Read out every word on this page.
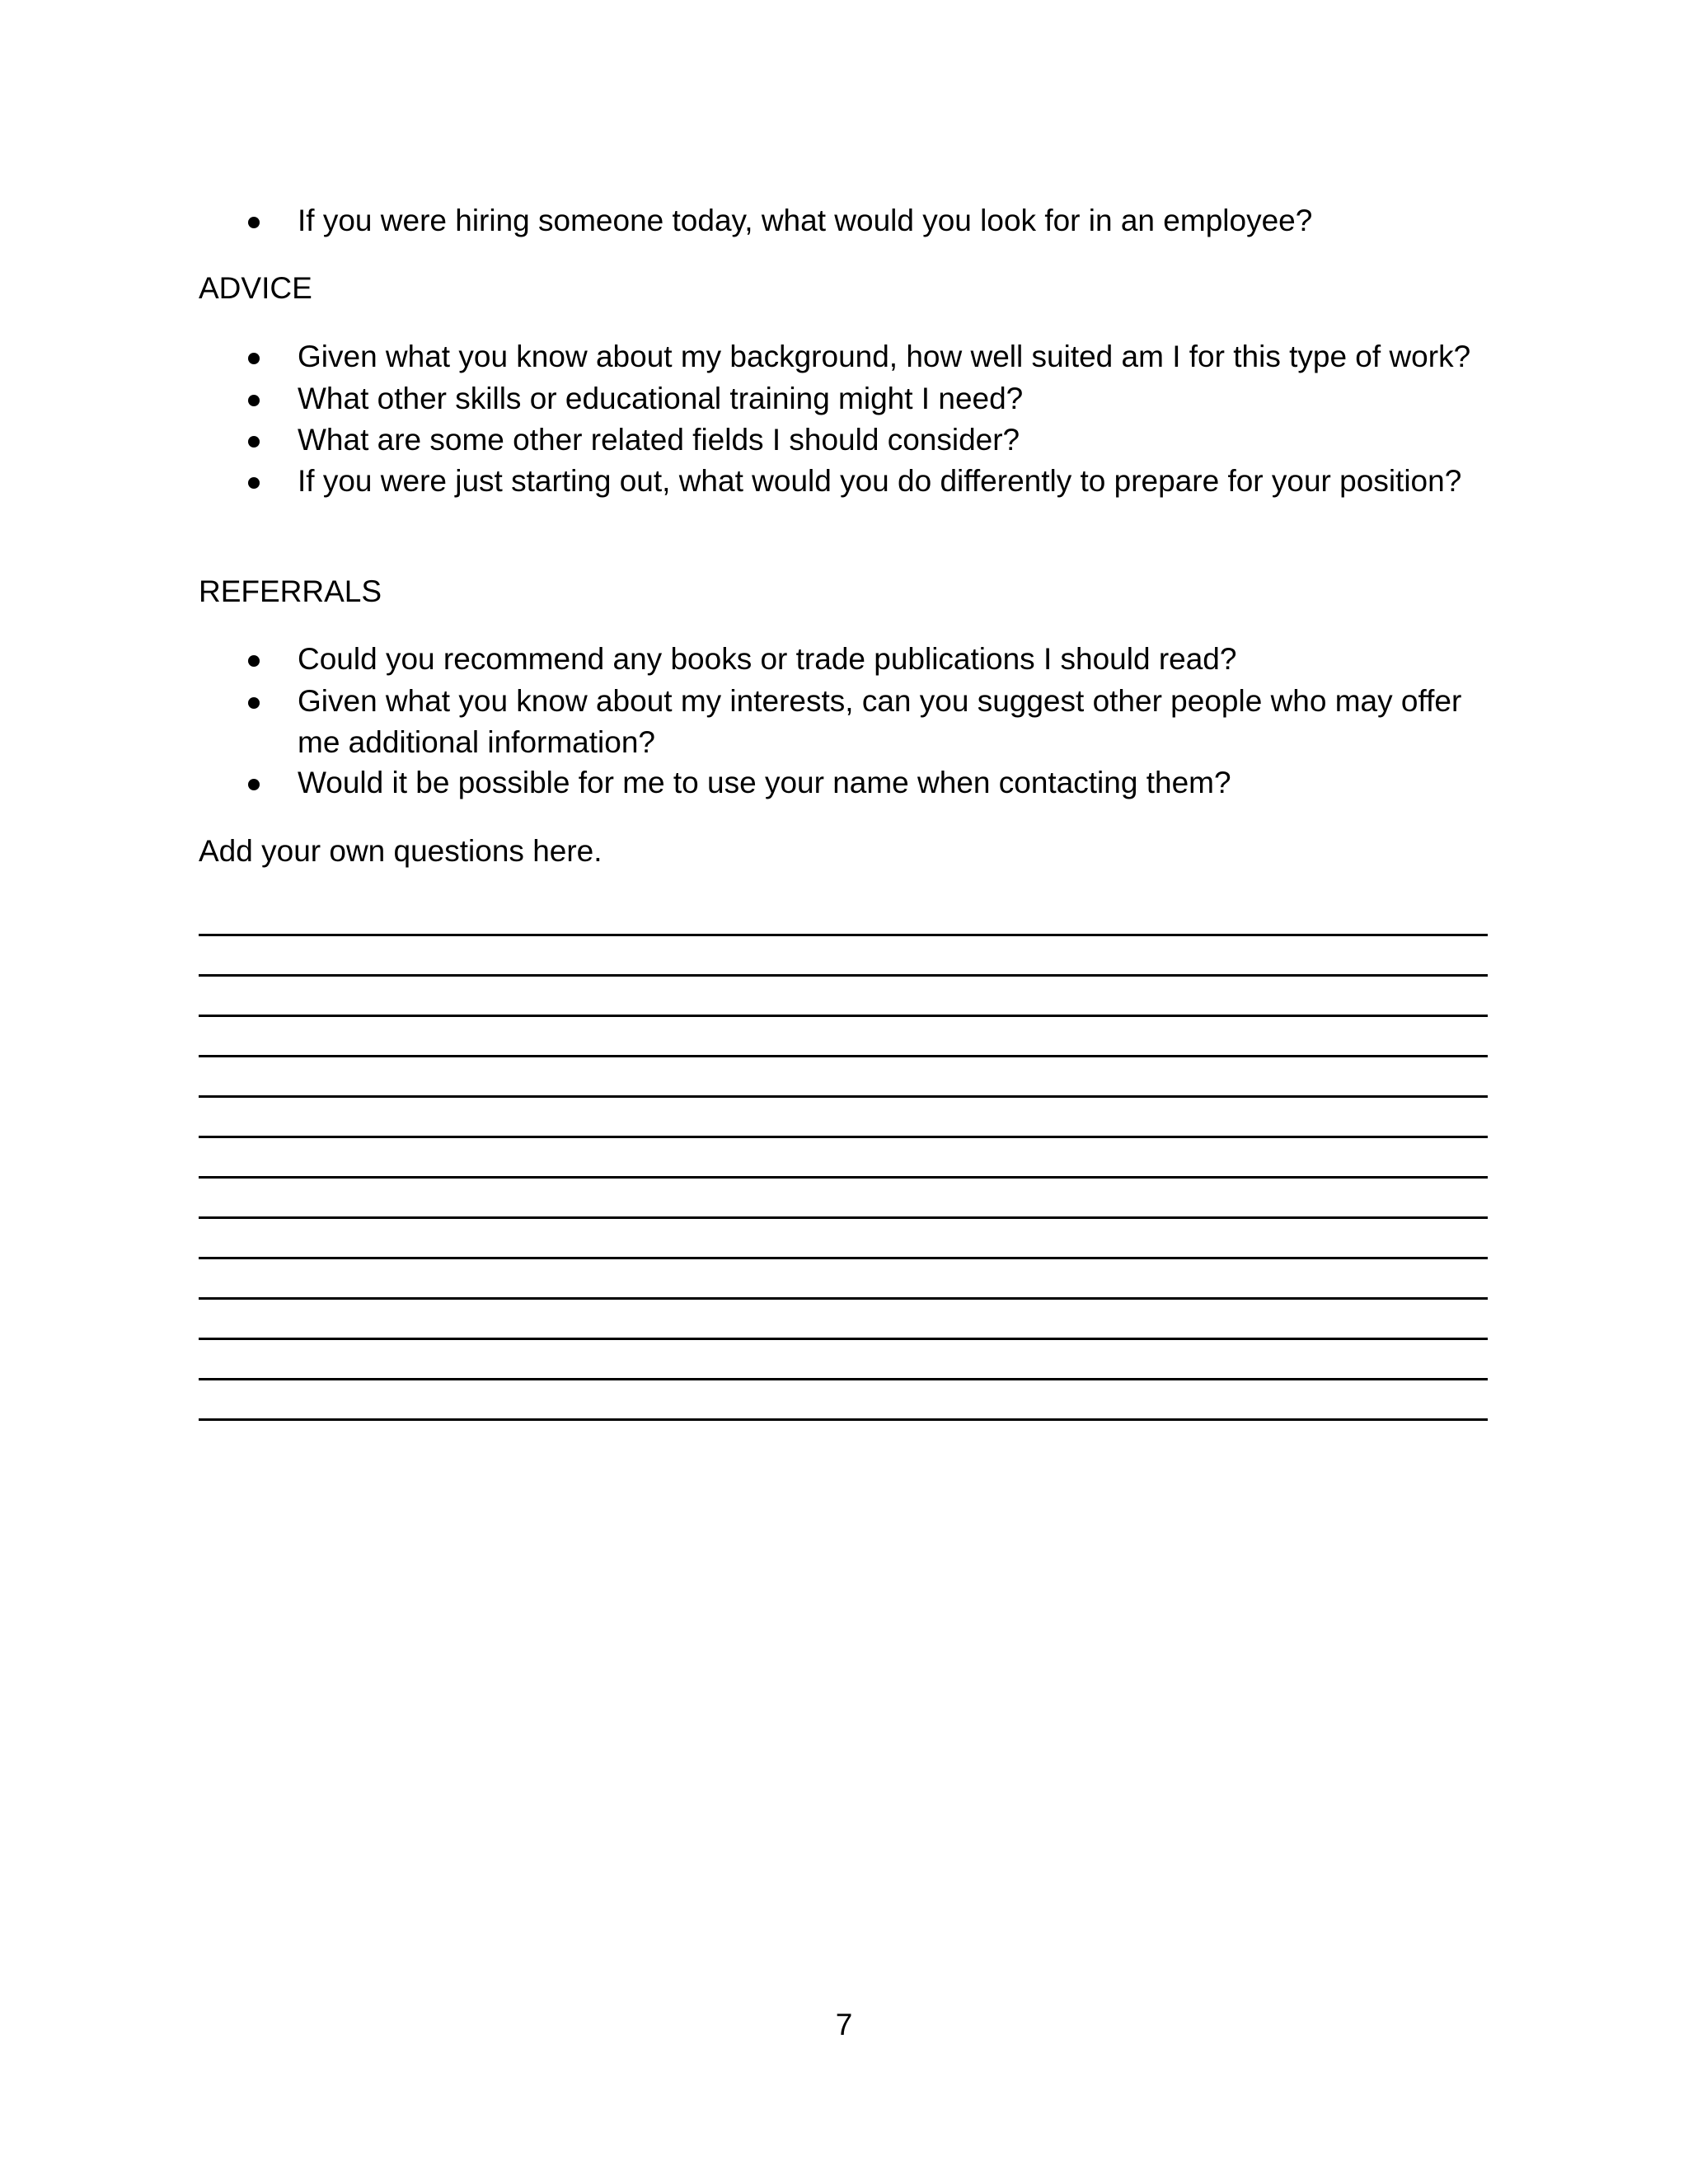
If you were hiring someone today, what would you look for in an employee?
ADVICE
Given what you know about my background, how well suited am I for this type of work?
What other skills or educational training might I need?
What are some other related fields I should consider?
If you were just starting out, what would you do differently to prepare for your position?
REFERRALS
Could you recommend any books or trade publications I should read?
Given what you know about my interests, can you suggest other people who may offer me additional information?
Would it be possible for me to use your name when contacting them?
Add your own questions here.
7
